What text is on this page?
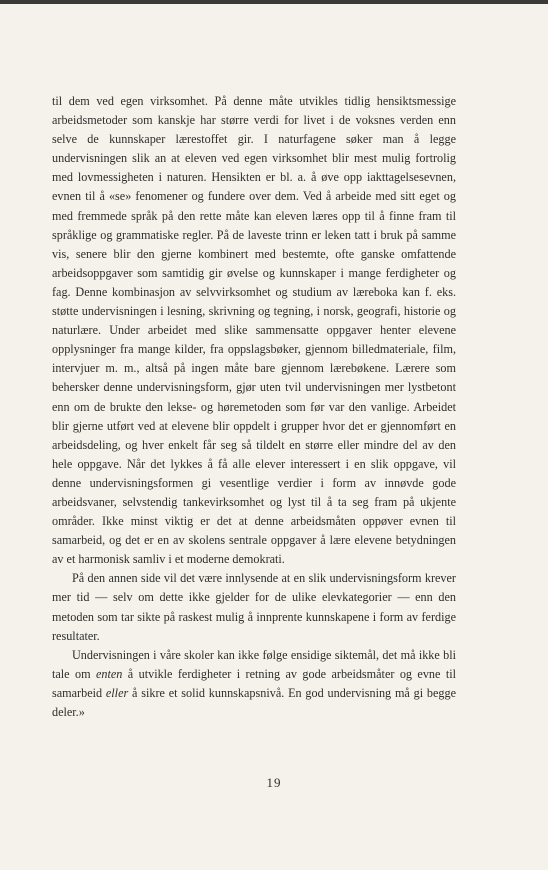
til dem ved egen virksomhet. På denne måte utvikles tidlig hensiktsmessige arbeidsmetoder som kanskje har større verdi for livet i de voksnes verden enn selve de kunnskaper lærestoffet gir. I naturfagene søker man å legge undervisningen slik an at eleven ved egen virksomhet blir mest mulig fortrolig med lovmessigheten i naturen. Hensikten er bl. a. å øve opp iakttagelsesevnen, evnen til å «se» fenomener og fundere over dem. Ved å arbeide med sitt eget og med fremmede språk på den rette måte kan eleven læres opp til å finne fram til språklige og grammatiske regler. På de laveste trinn er leken tatt i bruk på samme vis, senere blir den gjerne kombinert med bestemte, ofte ganske omfattende arbeidsoppgaver som samtidig gir øvelse og kunnskaper i mange ferdigheter og fag. Denne kombinasjon av selvvirksomhet og studium av læreboka kan f. eks. støtte undervisningen i lesning, skrivning og tegning, i norsk, geografi, historie og naturlære. Under arbeidet med slike sammensatte oppgaver henter elevene opplysninger fra mange kilder, fra oppslagsbøker, gjennom billedmateriale, film, intervjuer m. m., altså på ingen måte bare gjennom lærebøkene. Lærere som behersker denne undervisningsform, gjør uten tvil undervisningen mer lystbetont enn om de brukte den lekse- og høremetoden som før var den vanlige. Arbeidet blir gjerne utført ved at elevene blir oppdelt i grupper hvor det er gjennomført en arbeidsdeling, og hver enkelt får seg så tildelt en større eller mindre del av den hele oppgave. Når det lykkes å få alle elever interessert i en slik oppgave, vil denne undervisningsformen gi vesentlige verdier i form av innøvde gode arbeidsvaner, selvstendig tankevirksomhet og lyst til å ta seg fram på ukjente områder. Ikke minst viktig er det at denne arbeidsmåten oppøver evnen til samarbeid, og det er en av skolens sentrale oppgaver å lære elevene betydningen av et harmonisk samliv i et moderne demokrati.

På den annen side vil det være innlysende at en slik undervisningsform krever mer tid — selv om dette ikke gjelder for de ulike elevkategorier — enn den metoden som tar sikte på raskest mulig å innprente kunnskapene i form av ferdige resultater.

Undervisningen i våre skoler kan ikke følge ensidige siktemål, det må ikke bli tale om enten å utvikle ferdigheter i retning av gode arbeidsmåter og evne til samarbeid eller å sikre et solid kunnskapsnivå. En god undervisning må gi begge deler.»

19
